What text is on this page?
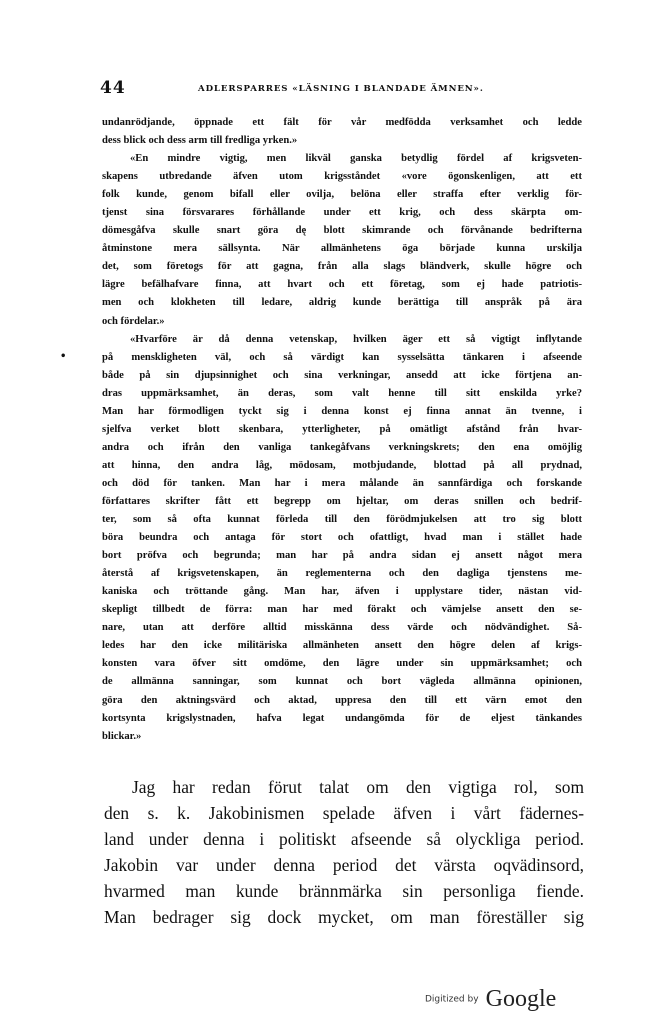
44	ADLERSPARRES «LÄSNING I BLANDADE ÄMNEN».
•
undanrödjande, öppnade ett fält för vår medfödda verksamhet och ledde
dess blick och dess arm till fredliga yrken.»
«En mindre vigtig, men likväl ganska betydlig fördel af krigsveten-
skapens utbredande äfven utom krigsståndet «vore ögonskenligen, att ett
folk kunde, genom bifall eller ovilja, belöna eller straffa efter verklig för-
tjenst sina försvarares förhållande under ett krig, och dess skärpta om-
dömesgåfva skulle snart göra dę blott skimrande och förvånande bedrifterna
åtminstone mera sällsynta. När allmänhetens öga började kunna urskilja
det, som företogs för att gagna, från alla slags bländverk, skulle högre och
lägre befälhafvare finna, att hvart och ett företag, som ej hade patriotis-
men och klokheten till ledare, aldrig kunde berättiga till anspråk på ära
och fördelar.»
«Hvarföre är då denna vetenskap, hvilken äger ett så vigtigt inflytande
på menskligheten väl, och så värdigt kan sysselsätta tänkaren i afseende
både på sin djupsinnighet och sina verkningar, ansedd att icke förtjena an-
dras uppmärksamhet, än deras, som valt henne till sitt enskilda yrke?
Man har förmodligen tyckt sig i denna konst ej finna annat än tvenne, i
sjelfva verket blott skenbara, ytterligheter, på omätligt afstånd från hvar-
andra och ifrån den vanliga tankegåfvans verkningskrets; den ena omöjlig
att hinna, den andra låg, mödosam, motbjudande, blottad på all prydnad,
och död för tanken. Man har i mera målande än sannfärdiga och forskande
författares skrifter fått ett begrepp om hjeltar, om deras snillen och bedrif-
ter, som så ofta kunnat förleda till den förödmjukelsen att tro sig blott
böra beundra och antaga för stort och ofattligt, hvad man i stället hade
bort pröfva och begrunda; man har på andra sidan ej ansett något mera
återstå af krigsvetenskapen, än reglementerna och den dagliga tjenstens me-
kaniska och tröttande gång. Man har, äfven i upplystare tider, nästan vid-
skepligt tillbedt de förra: man har med förakt och vämjelse ansett den se-
nare, utan att derföre alltid misskänna dess värde och nödvändighet. Så-
ledes har den icke militäriska allmänheten ansett den högre delen af krigs-
konsten vara öfver sitt omdöme, den lägre under sin uppmärksamhet; och
de allmänna sanningar, som kunnat och bort vägleda allmänna opinionen,
göra den aktningsvärd och aktad, uppresa den till ett värn emot den
kortsynta krigslystnaden, hafva legat undangömda för de eljest tänkandes
blickar.»
Jag har redan förut talat om den vigtiga rol, som
den s. k. Jakobinismen spelade äfven i vårt fädernes-
land under denna i politiskt afseende så olyckliga period.
Jakobin var under denna period det värsta oqvädinsord,
hvarmed man kunde brännmärka sin personliga fiende.
Man bedrager sig dock mycket, om man föreställer sig
Digitized by Google
